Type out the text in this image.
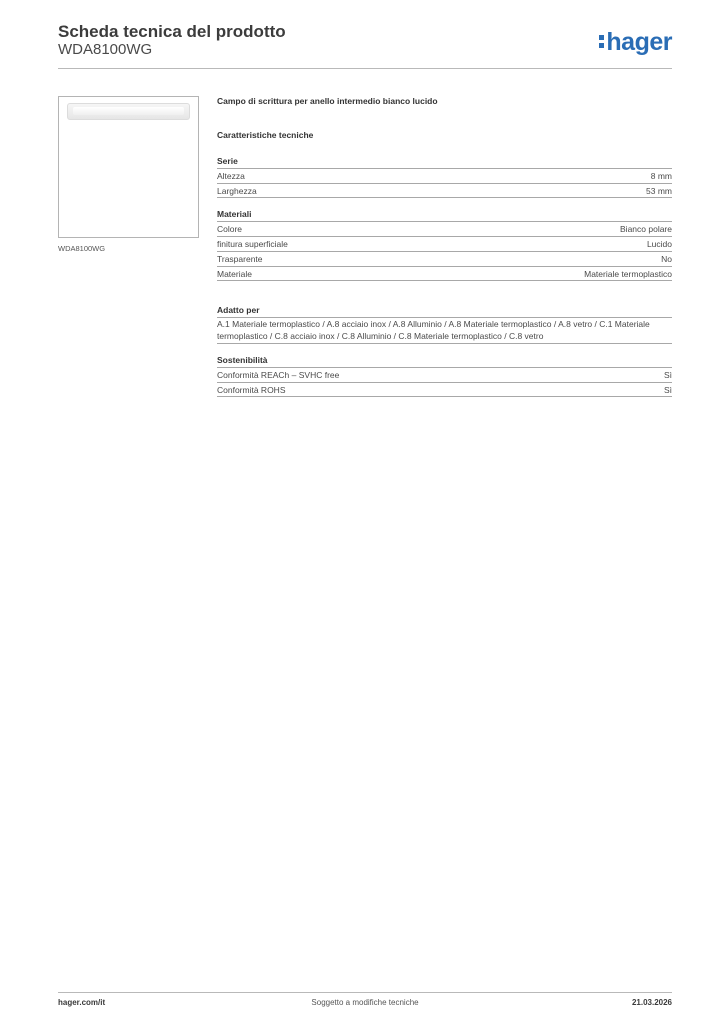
Scheda tecnica del prodotto
WDA8100WG	hager
WDA8100WG
Campo di scrittura per anello intermedio bianco lucido
Caratteristiche tecniche
Serie
Altezza	8 mm
Larghezza	53 mm
Materiali
Colore	Bianco polare
finitura superficiale	Lucido
Trasparente	No
Materiale	Materiale termoplastico
Adatto per
A.1 Materiale termoplastico / A.8 acciaio inox / A.8 Alluminio / A.8 Materiale termoplastico / A.8 vetro / C.1 Materiale termoplastico / C.8 acciaio inox / C.8 Alluminio / C.8 Materiale termoplastico / C.8 vetro
Sostenibilità
Conformità REACh – SVHC free	Sì
Conformità ROHS	Sì
hager.com/it	Soggetto a modifiche tecniche	21.03.2026
